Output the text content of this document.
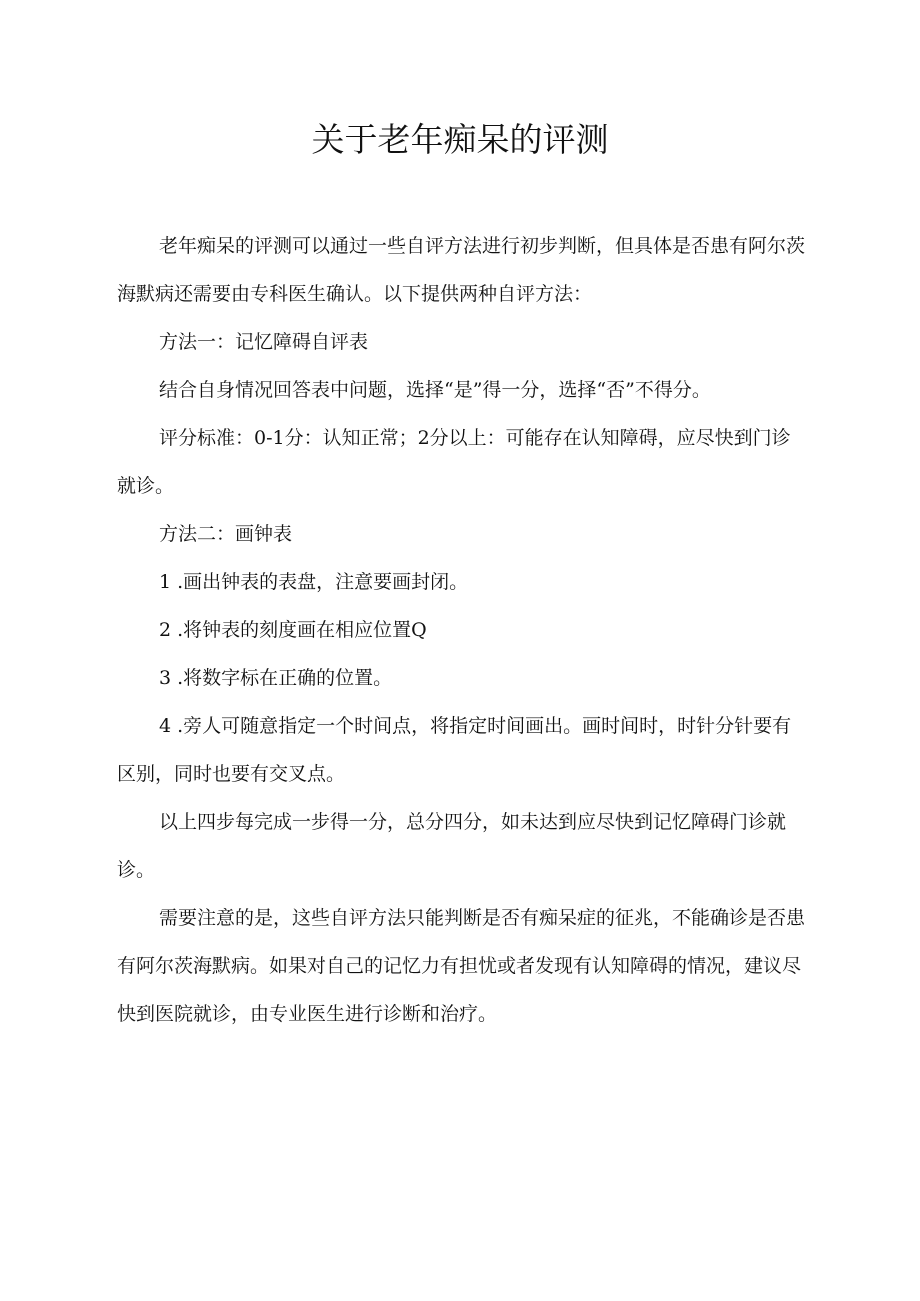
关于老年痴呆的评测

老年痴呆的评测可以通过一些自评方法进行初步判断，但具体是否患有阿尔茨海默病还需要由专科医生确认。以下提供两种自评方法：

方法一：记忆障碍自评表

结合自身情况回答表中问题，选择“是”得一分，选择“否”不得分。

评分标准：0-1分：认知正常；2分以上：可能存在认知障碍，应尽快到门诊就诊。

方法二：画钟表

1 .画出钟表的表盘，注意要画封闭。

2 .将钟表的刻度画在相应位置Q

3 .将数字标在正确的位置。

4 .旁人可随意指定一个时间点，将指定时间画出。画时间时，时针分针要有区别，同时也要有交叉点。

以上四步每完成一步得一分，总分四分，如未达到应尽快到记忆障碍门诊就诊。

需要注意的是，这些自评方法只能判断是否有痴呆症的征兆，不能确诊是否患有阿尔茨海默病。如果对自己的记忆力有担忧或者发现有认知障碍的情况，建议尽快到医院就诊，由专业医生进行诊断和治疗。
